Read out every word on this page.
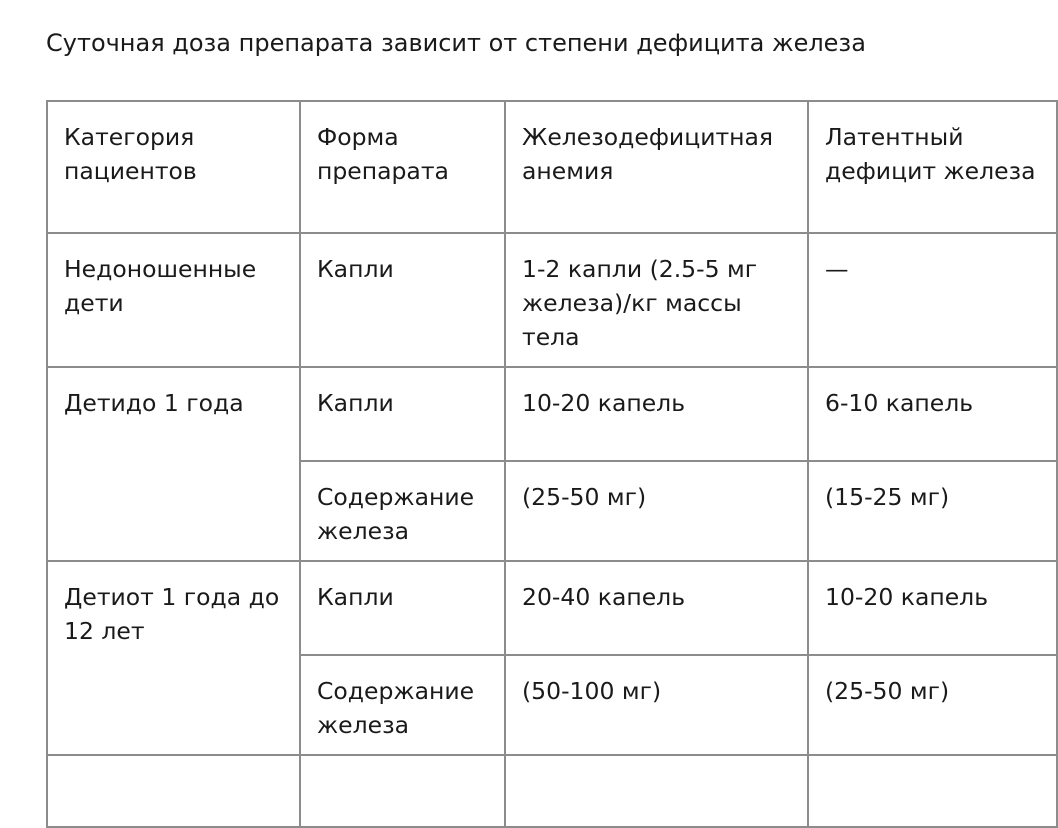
Суточная доза препарата зависит от степени дефицита железа
Категория пациентов	Форма препарата	Железодефицитная анемия	Латентный дефицит железа

Недоношенные дети	Капли	1-2 капли (2.5-5 мг железа)/кг массы тела	—

Детидо 1 года	Капли	10-20 капель	6-10 капель

	Содержание железа	(25-50 мг)	(15-25 мг)

Детиот 1 года до 12 лет	Капли	20-40 капель	10-20 капель

	Содержание железа	(50-100 мг)	(25-50 мг)
